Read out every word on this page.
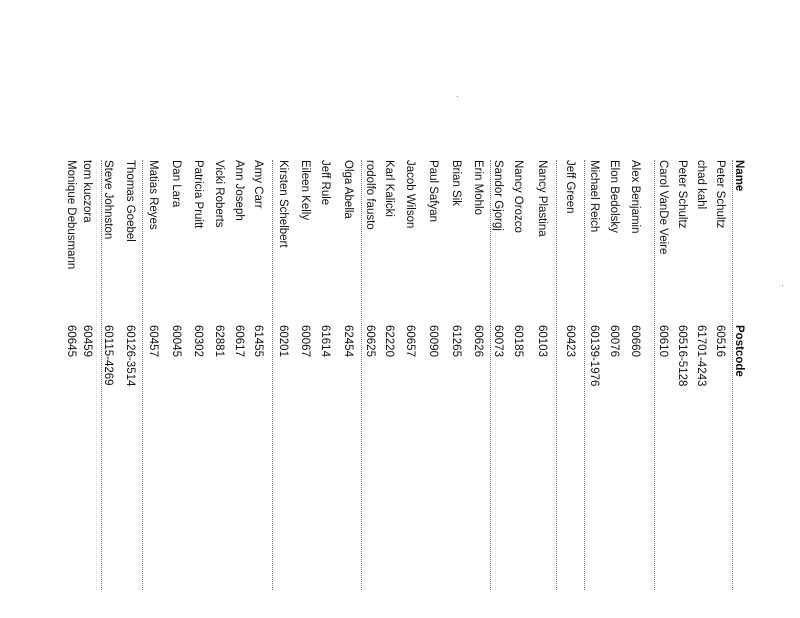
Name
Postcode
Peter Schultz
60516
chad kahl
61701-4243
Peter Schultz
60516-5128
Carol VanDe Veire
60610
Alex Benjamin
60660
Elon Bedolsky
60076
Michael Reich
60139-1976
Jeff Green
60423
Nancy Plastina
60103
Nancy Orozco
60185
Sandor Gjorgj
60073
Erin Mohlo
60626
Brian Sik
61265
Paul Safyan
60090
Jacob Wilson
60657
Karl Kalicki
62220
rodolfo fausto
60625
Olga Abella
62454
Jeff Rule
61614
Eileen Kelly
60067
Kirsten Schelbert
60201
Amy Carr
61455
Ann Joseph
60617
Vicki Roberts
62881
Patricia Pruitt
60302
Dan Lara
60045
Matias Reyes
60457
Thomas Goebel
60126-3514
Steve Johnston
60115-4269
tom kuczora
60459
Monique Debusmann
60645
